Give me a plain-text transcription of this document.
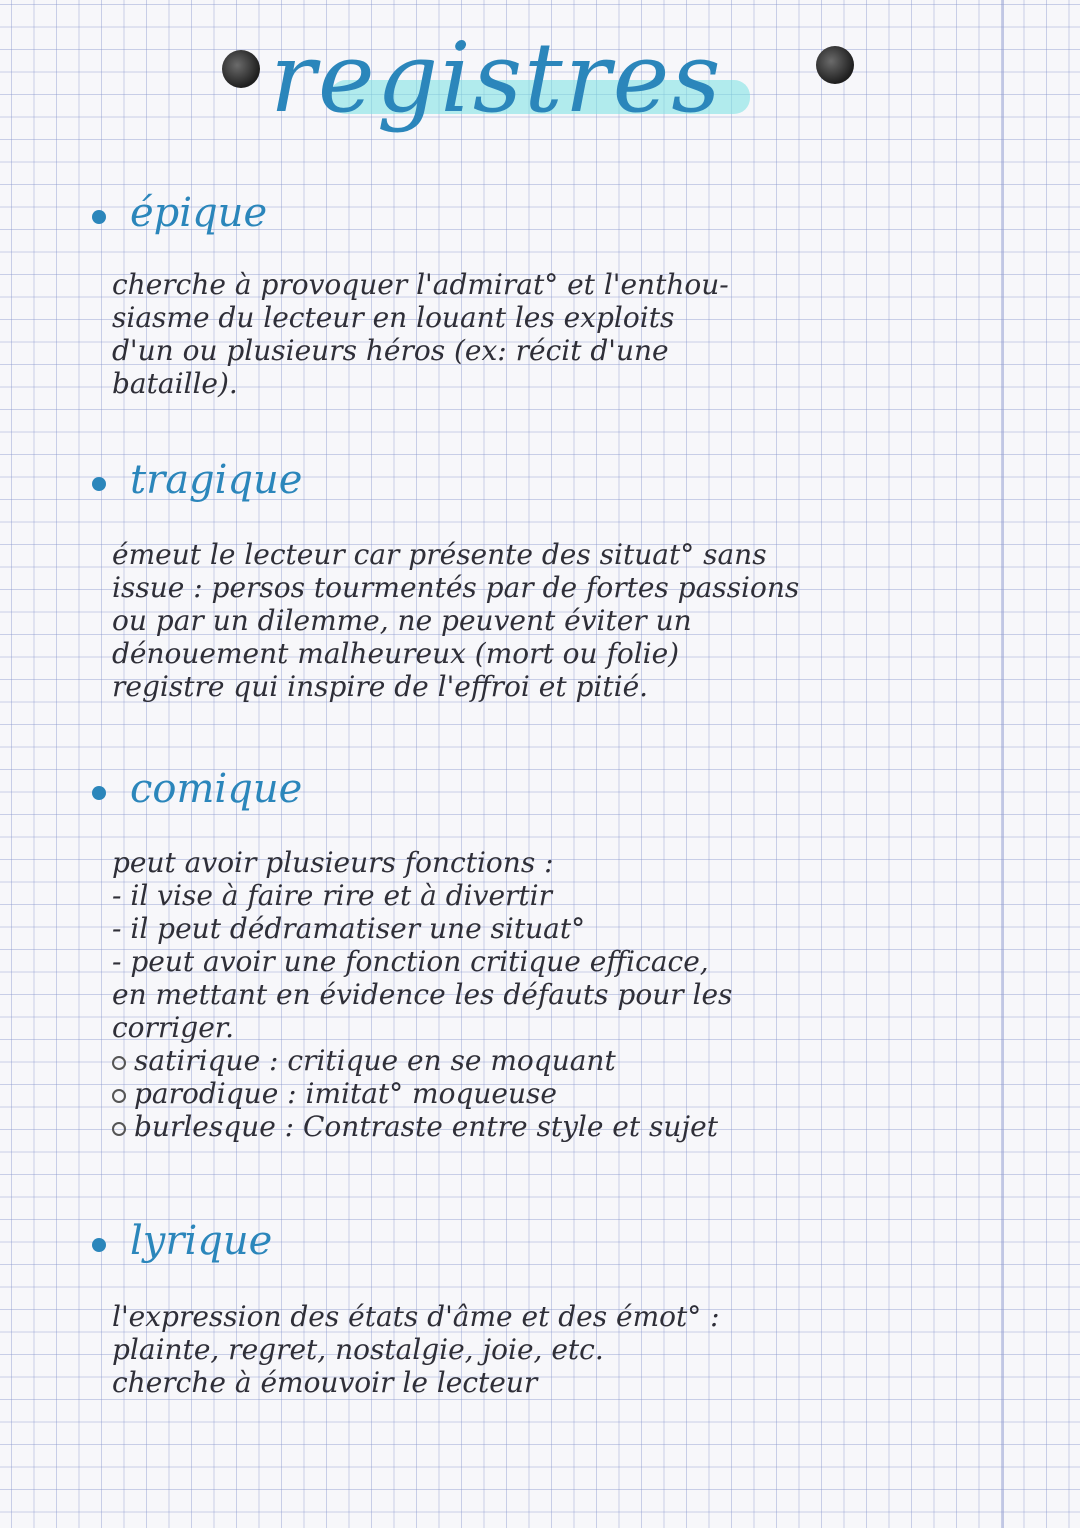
registres
épique
cherche à provoquer l'admirat° et l'enthou-
siasme du lecteur en louant les exploits
d'un ou plusieurs héros (ex: récit d'une
bataille).
tragique
émeut le lecteur car présente des situat° sans
issue : persos tourmentés par de fortes passions
ou par un dilemme, ne peuvent éviter un
dénouement malheureux (mort ou folie)
registre qui inspire de l'effroi et pitié.
comique
peut avoir plusieurs fonctions :
- il vise à faire rire et à divertir
- il peut dédramatiser une situat°
- peut avoir une fonction critique efficace,
en mettant en évidence les défauts pour les
corriger.
satirique : critique en se moquant
parodique : imitat° moqueuse
burlesque : Contraste entre style et sujet
lyrique
l'expression des états d'âme et des émot° :
plainte, regret, nostalgie, joie, etc.
cherche à émouvoir le lecteur
